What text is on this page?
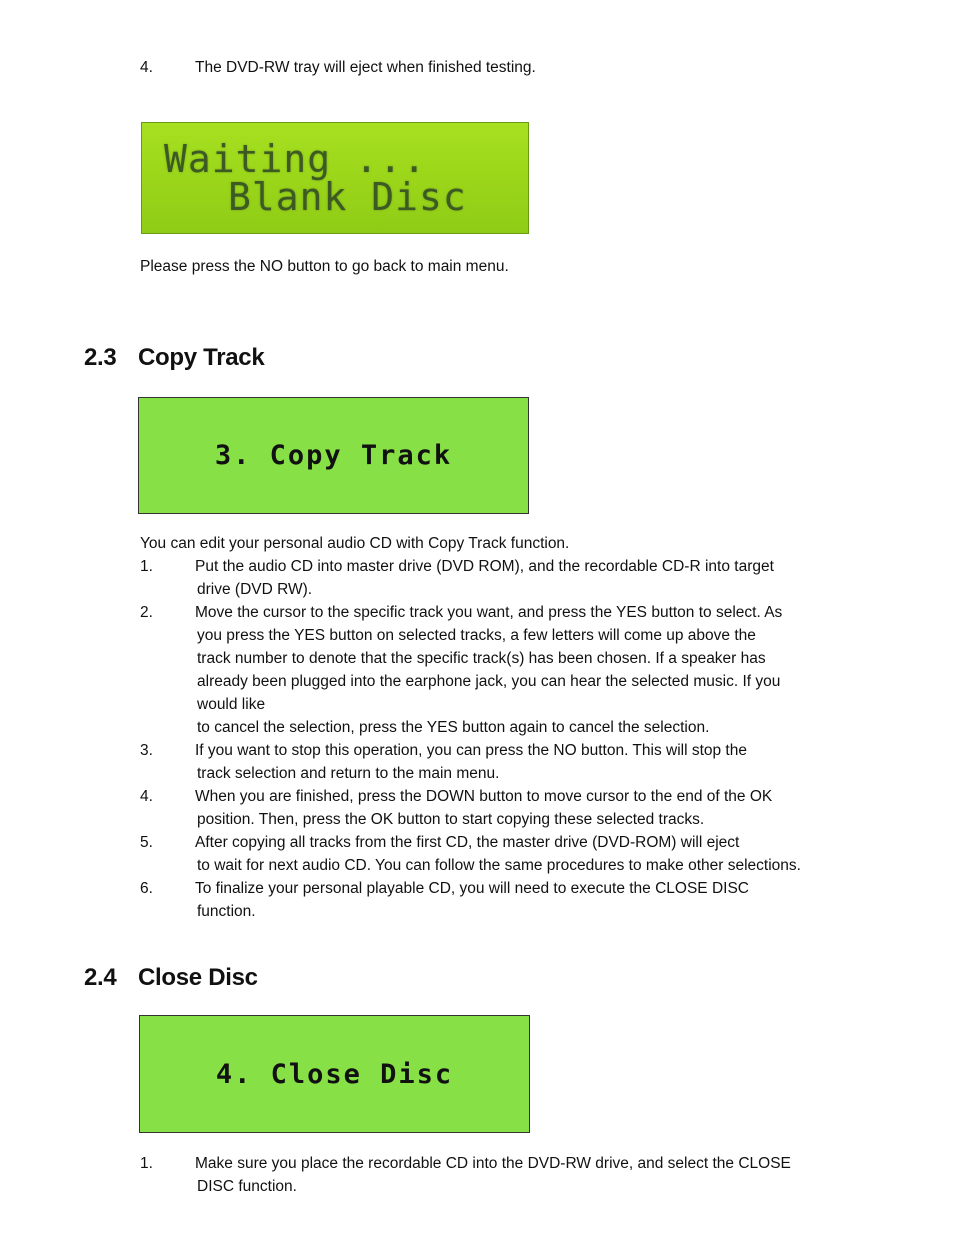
4.	The DVD-RW tray will eject when finished testing.
Waiting ...
Blank Disc
Please press the NO button to go back to main menu.
2.3 Copy Track
3. Copy Track
You can edit your personal audio CD with Copy Track function.
1.	Put the audio CD into master drive (DVD ROM), and the recordable CD-R into target
drive (DVD RW).
2.	Move the cursor to the specific track you want, and press the YES button to select. As
you press the YES button on selected tracks, a few letters will come up above the
track number to denote that the specific track(s) has been chosen. If a speaker has
already been plugged into the earphone jack, you can hear the selected music. If you
would like
to cancel the selection, press the YES button again to cancel the selection.
3.	If you want to stop this operation, you can press the NO button. This will stop the
track selection and return to the main menu.
4.	When you are finished, press the DOWN button to move cursor to the end of the OK
position. Then, press the OK button to start copying these selected tracks.
5.	After copying all tracks from the first CD, the master drive (DVD-ROM) will eject
to wait for next audio CD. You can follow the same procedures to make other selections.
6.	To finalize your personal playable CD, you will need to execute the CLOSE DISC
function.
2.4 Close Disc
4. Close Disc
1.	Make sure you place the recordable CD into the DVD-RW drive, and select the CLOSE
DISC function.
